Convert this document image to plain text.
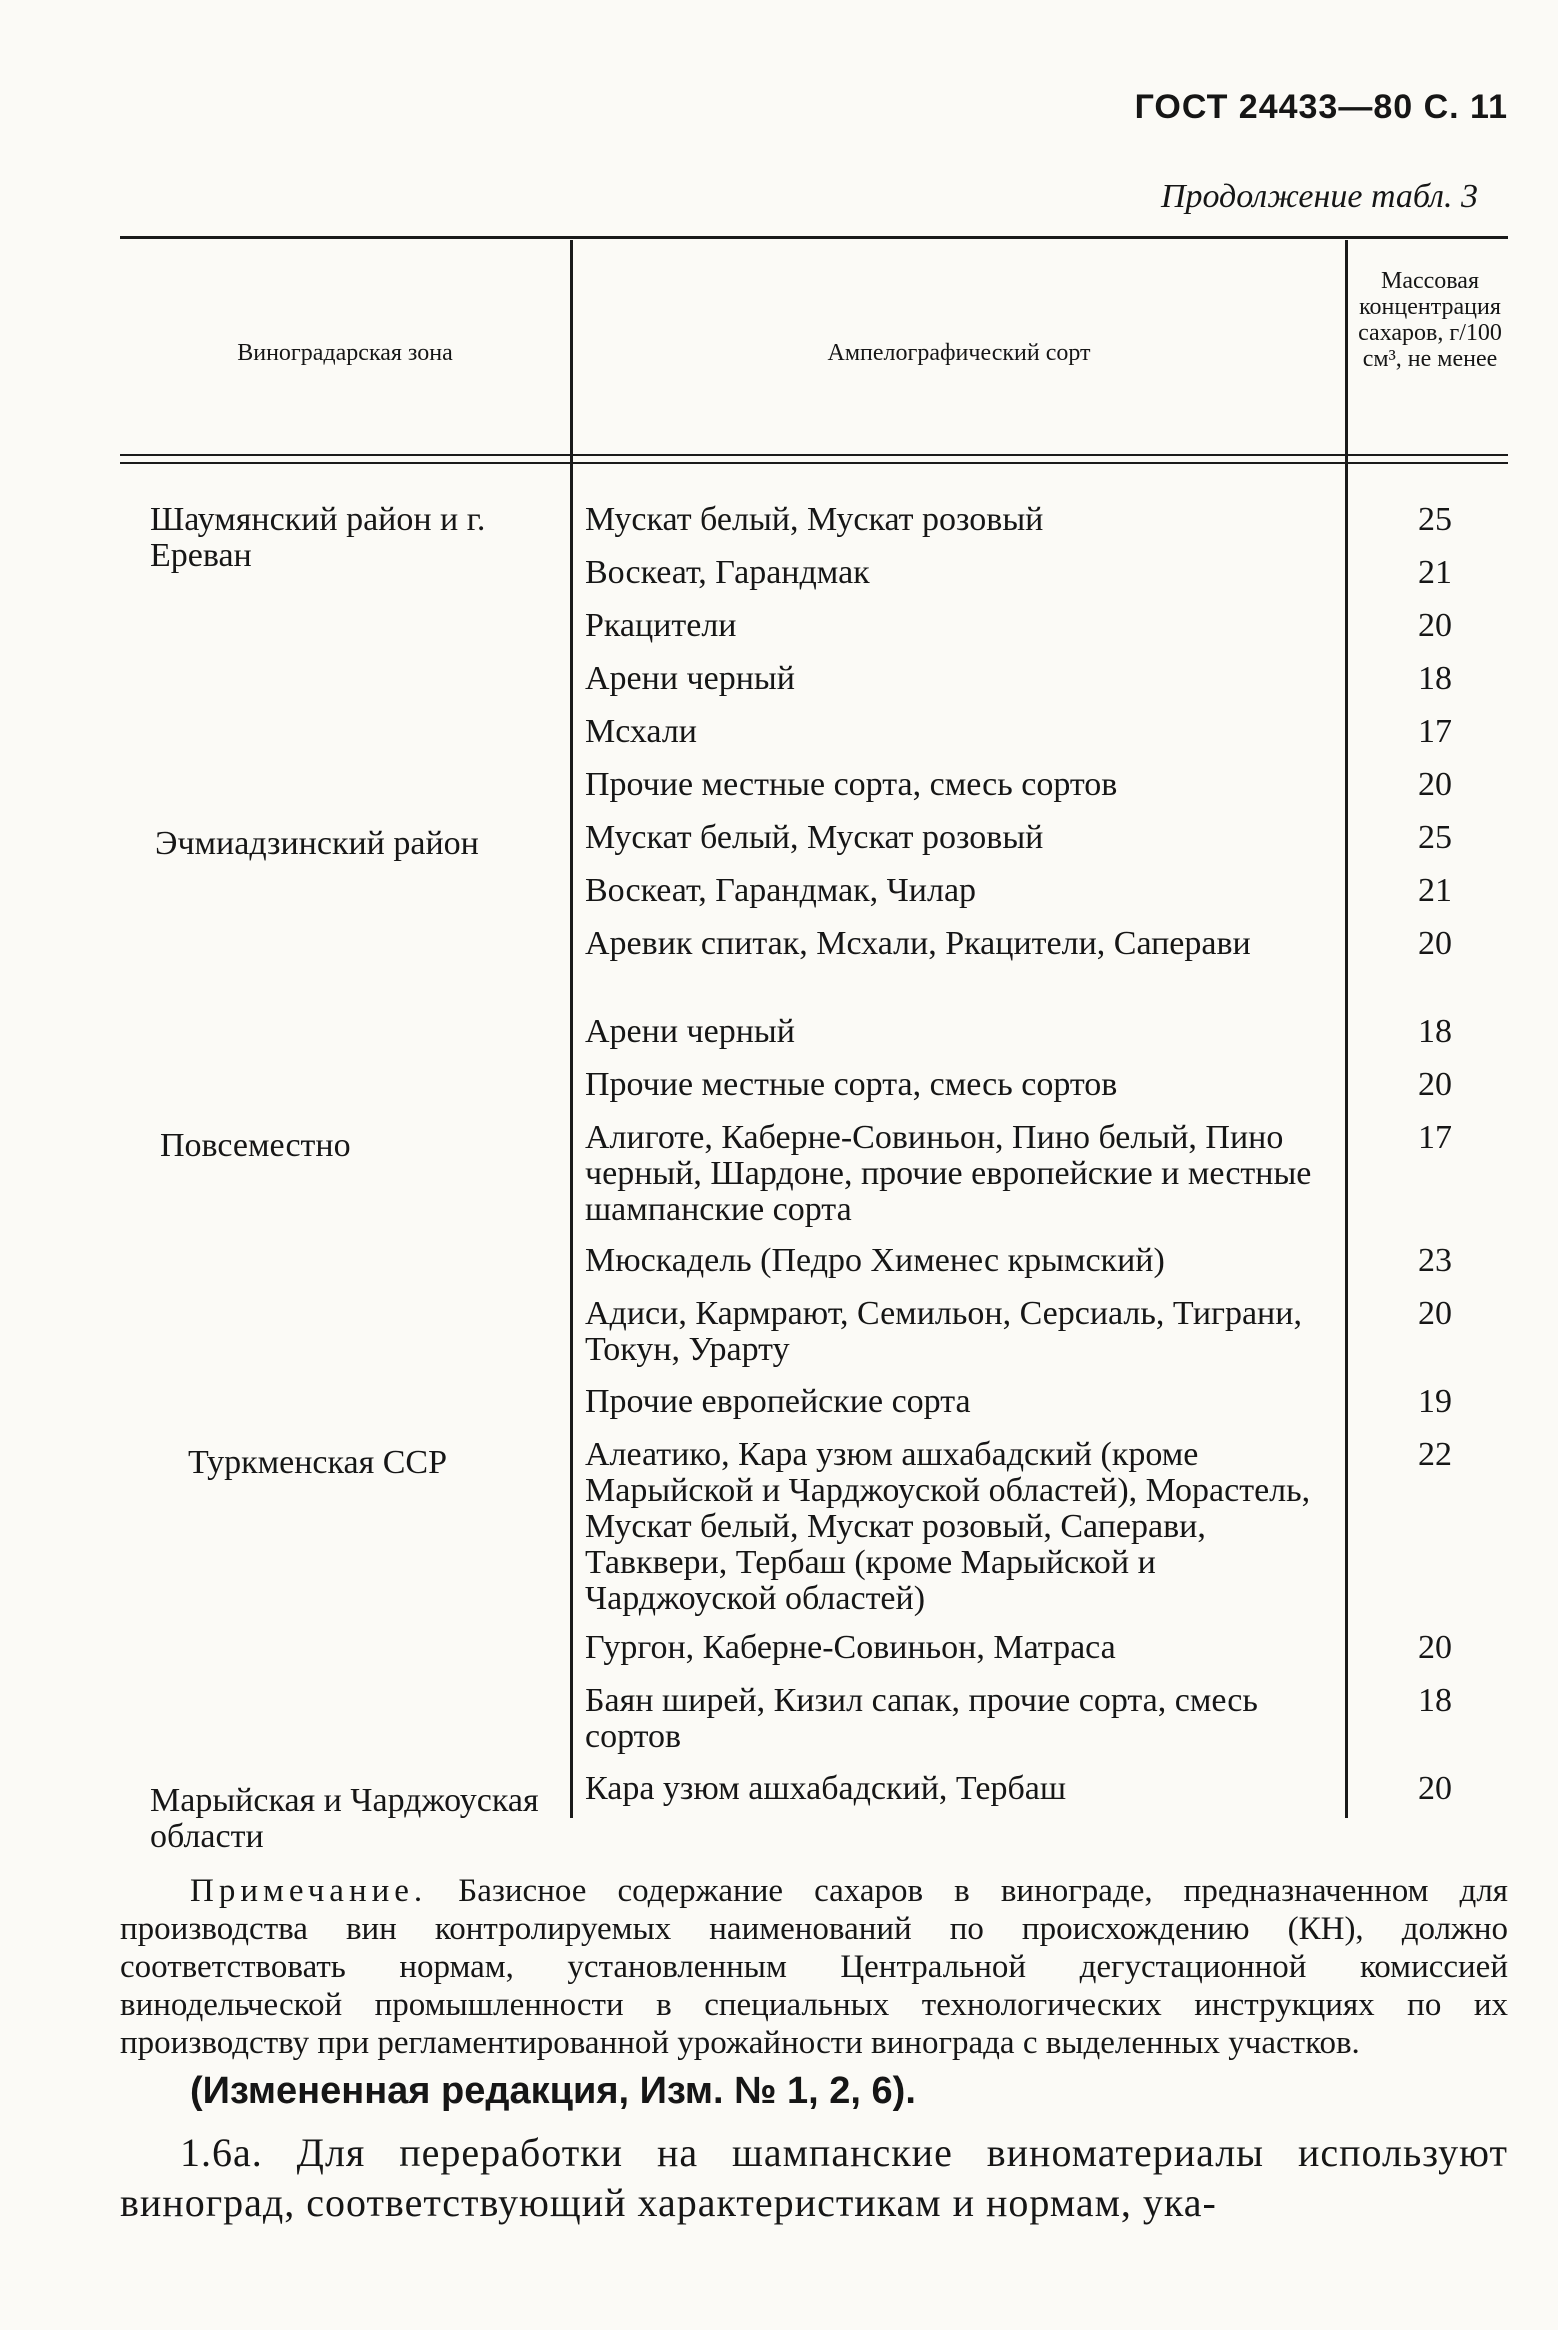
ГОСТ 24433—80 С. 11
Продолжение табл. 3
Виноградарская зона	Ампелографический сорт
Массовая концентрация сахаров, г/100 см³, не менее
Шаумянский район и г. Ереван
Эчмиадзинский район
Повсеместно
Туркменская ССР
Марыйская и Чарджоуская области
Мускат белый, Мускат розовый
Воскеат, Гарандмак
Ркацители
Арени черный
Мсхали
Прочие местные сорта, смесь сортов
Мускат белый, Мускат розовый
Воскеат, Гарандмак, Чилар
Аревик спитак, Мсхали, Ркацители, Саперави
Арени черный
Прочие местные сорта, смесь сортов
Алиготе, Каберне-Совиньон, Пино белый, Пино черный, Шардоне, прочие европейские и местные шампанские сорта
Мюскадель (Педро Хименес крымский)
Адиси, Кармрают, Семильон, Серсиаль, Тиграни, Токун, Урарту
Прочие европейские сорта
Алеатико, Кара узюм ашхабадский (кроме Марыйской и Чарджоуской областей), Морастель, Мускат белый, Мускат розовый, Саперави, Тавквери, Тербаш (кроме Марыйской и Чарджоуской областей)
Гургон, Каберне-Совиньон, Матраса
Баян ширей, Кизил сапак, прочие сорта, смесь сортов
Кара узюм ашхабадский, Тербаш
25
21
20
18
17
20
25
21
20
18
20
17
23
20
19
22
20
18
20
Примечание. Базисное содержание сахаров в винограде, предназначенном для производства вин контролируемых наименований по происхождению (КН), должно соответствовать нормам, установленным Центральной дегустационной комиссией винодельческой промышленности в специальных технологических инструкциях по их производству при регламентированной урожайности винограда с выделенных участков.
(Измененная редакция, Изм. № 1, 2, 6).
1.6а. Для переработки на шампанские виноматериалы используют виноград, соответствующий характеристикам и нормам, ука-
